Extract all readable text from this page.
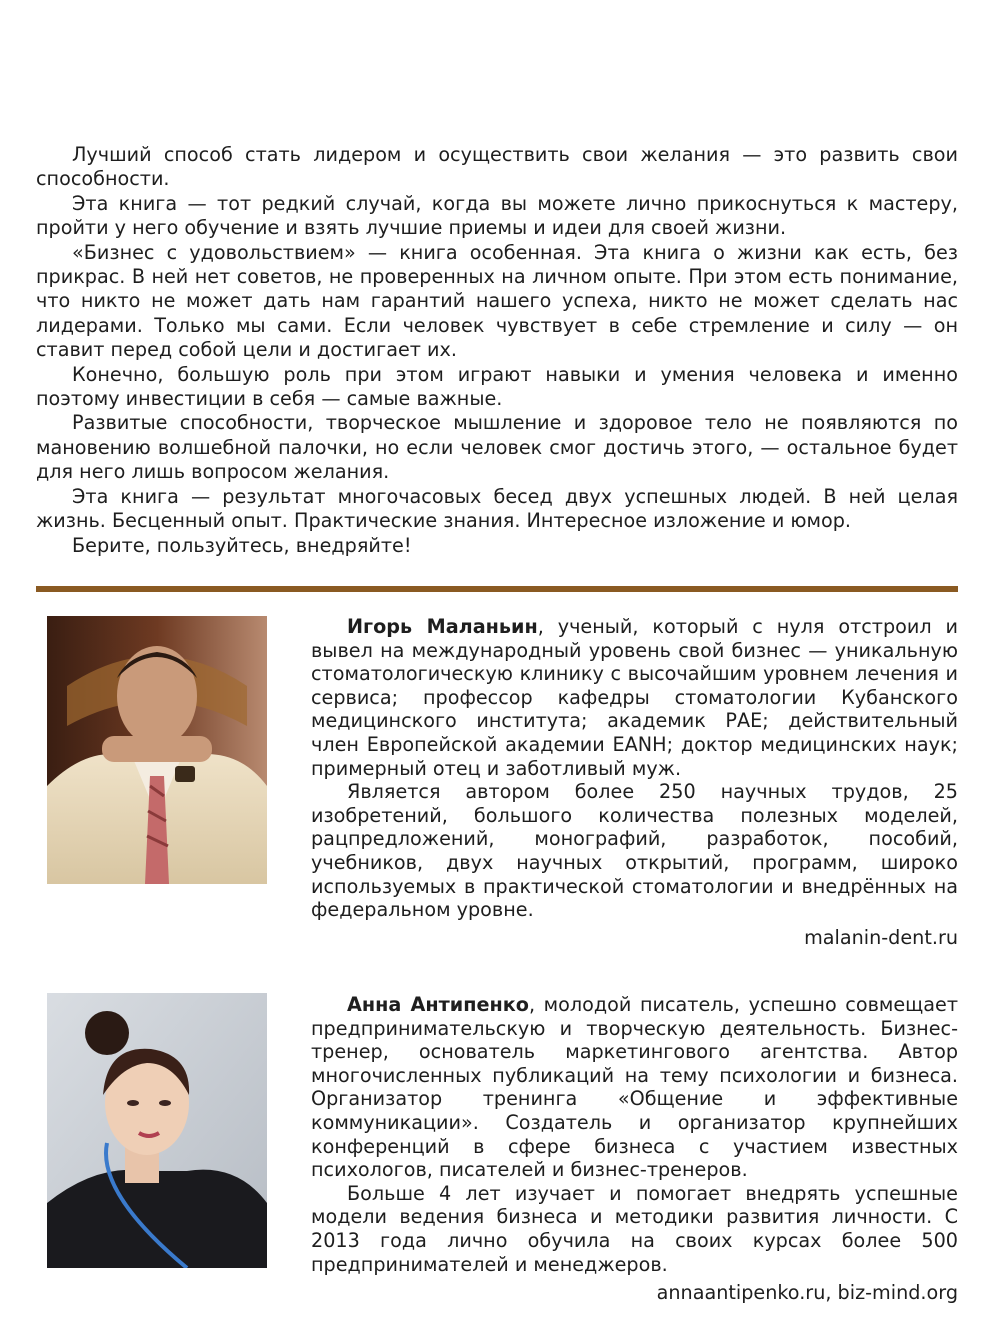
Лучший способ стать лидером и осуществить свои желания — это развить свои способности.

Эта книга — тот редкий случай, когда вы можете лично прикоснуться к мастеру, пройти у него обучение и взять лучшие приемы и идеи для своей жизни.

«Бизнес с удовольствием» — книга особенная. Эта книга о жизни как есть, без прикрас. В ней нет советов, не проверенных на личном опыте. При этом есть понимание, что никто не может дать нам гарантий нашего успеха, никто не может сделать нас лидерами. Только мы сами. Если человек чувствует в себе стремление и силу — он ставит перед собой цели и достигает их.

Конечно, большую роль при этом играют навыки и умения человека и именно поэтому инвестиции в себя — самые важные.

Развитые способности, творческое мышление и здоровое тело не появляются по мановению волшебной палочки, но если человек смог достичь этого, — остальное будет для него лишь вопросом желания.

Эта книга — результат многочасовых бесед двух успешных людей. В ней целая жизнь. Бесценный опыт. Практические знания. Интересное изложение и юмор.

Берите, пользуйтесь, внедряйте!

Игорь Маланьин, ученый, который с нуля отстроил и вывел на международный уровень свой бизнес — уникальную стоматологическую клинику с высочайшим уровнем лечения и сервиса; профессор кафедры стоматологии Кубанского медицинского института; академик РАЕ; действительный член Европейской академии EANH; доктор медицинских наук; примерный отец и заботливый муж.

Является автором более 250 научных трудов, 25 изобретений, большого количества полезных моделей, рацпредложений, монографий, разработок, пособий, учебников, двух научных открытий, программ, широко используемых в практической стоматологии и внедрённых на федеральном уровне.

malanin-dent.ru

Анна Антипенко, молодой писатель, успешно совмещает предпринимательскую и творческую деятельность. Бизнес-тренер, основатель маркетингового агентства. Автор многочисленных публикаций на тему психологии и бизнеса. Организатор тренинга «Общение и эффективные коммуникации». Создатель и организатор крупнейших конференций в сфере бизнеса с участием известных психологов, писателей и бизнес-тренеров.

Больше 4 лет изучает и помогает внедрять успешные модели ведения бизнеса и методики развития личности. С 2013 года лично обучила на своих курсах более 500 предпринимателей и менеджеров.

annaantipenko.ru, biz-mind.org
